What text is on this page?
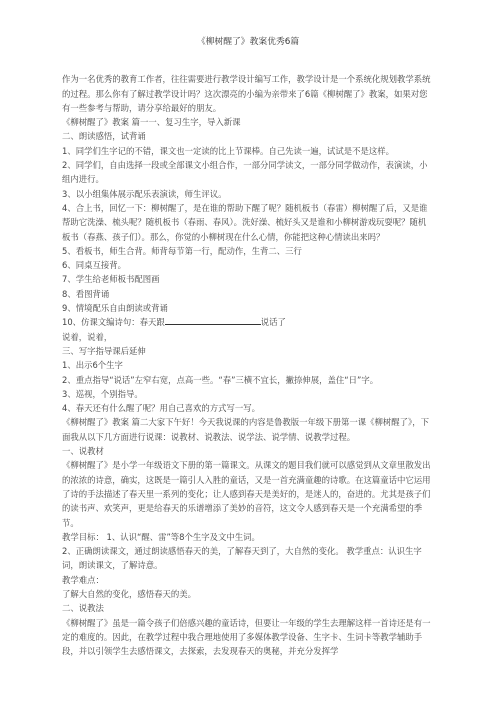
《柳树醒了》教案优秀6篇

作为一名优秀的教育工作者，往往需要进行教学设计编写工作，教学设计是一个系统化规划教学系统的过程。那么你有了解过教学设计吗？这次漂亮的小编为亲带来了6篇《柳树醒了》教案，如果对您有一些参考与帮助，请分享给最好的朋友。

《柳树醒了》教案 篇一一、复习生字，导入新课

二、朗读感悟，试背诵

1、同学们生字记的不错，课文也一定读的比上节课棒。自己先读一遍，试试是不是这样。

2、同学们，自由选择一段或全部课文小组合作，一部分同学读文，一部分同学做动作，表演读，小组内进行。

3、以小组集体展示配乐表演读，师生评议。

4、合上书，回忆一下：柳树醒了，是在谁的帮助下醒了呢？随机板书（春雷）柳树醒了后，又是谁帮助它洗澡、梳头呢？随机板书（春雨、春风）。洗好澡、梳好头又是谁和小柳树游戏玩耍呢？随机板书（春燕、孩子们）。那么，你觉的小柳树现在什么心情，你能把这种心情读出来吗？

5、看板书，师生合背。师背每节第一行，配动作，生背二、三行

6、同桌互接背。

7、学生给老师板书配图画

8、看图背诵

9、情境配乐自由朗读或背诵

10、仿课文编诗句：春天跟	说话了

说着，说着，

三、写字指导课后延伸

1、出示6个生字

2、重点指导“说话”左窄右宽，点高一些。“春”三横不宜长，撇捺伸展，盖住“日”字。

3、巡视，个别指导。

4、春天还有什么醒了呢？用自己喜欢的方式写一写。

《柳树醒了》教案 篇二大家下午好！今天我说课的内容是鲁教版一年级下册第一课《柳树醒了》，下面我从以下几方面进行说课：说教材、说教法、说学法、说学情、说教学过程。

一、说教材

《柳树醒了》是小学一年级语文下册的第一篇课文。从课文的题目我们就可以感觉到从文章里散发出的浓浓的诗意，确实，这既是一篇引人入胜的童话，又是一首充满童趣的诗歌。在这篇童话中它运用了诗的手法描述了春天里一系列的变化；让人感到春天是美好的，是迷人的，奋进的。尤其是孩子们的读书声、欢笑声，更是给春天的乐谱增添了美妙的音符，这文令人感到春天是一个充满希望的季节。

教学目标： 1、认识“醒、雷”等8个生字及文中生词。

2、正确朗读课文，通过朗读感悟春天的美，了解春天到了，大自然的变化。 教学重点：认识生字词，朗读课文，了解诗意。

教学难点：

了解大自然的变化，感悟春天的美。

二、说教法

《柳树醒了》虽是一篇令孩子们倍感兴趣的童话诗，但要让一年级的学生去理解这样一首诗还是有一定的难度的。因此，在教学过程中我合理地使用了多媒体教学设备、生字卡、生词卡等教学辅助手段，并以引领学生去感悟课文，去探索，去发现春天的奥秘，并充分发挥学
